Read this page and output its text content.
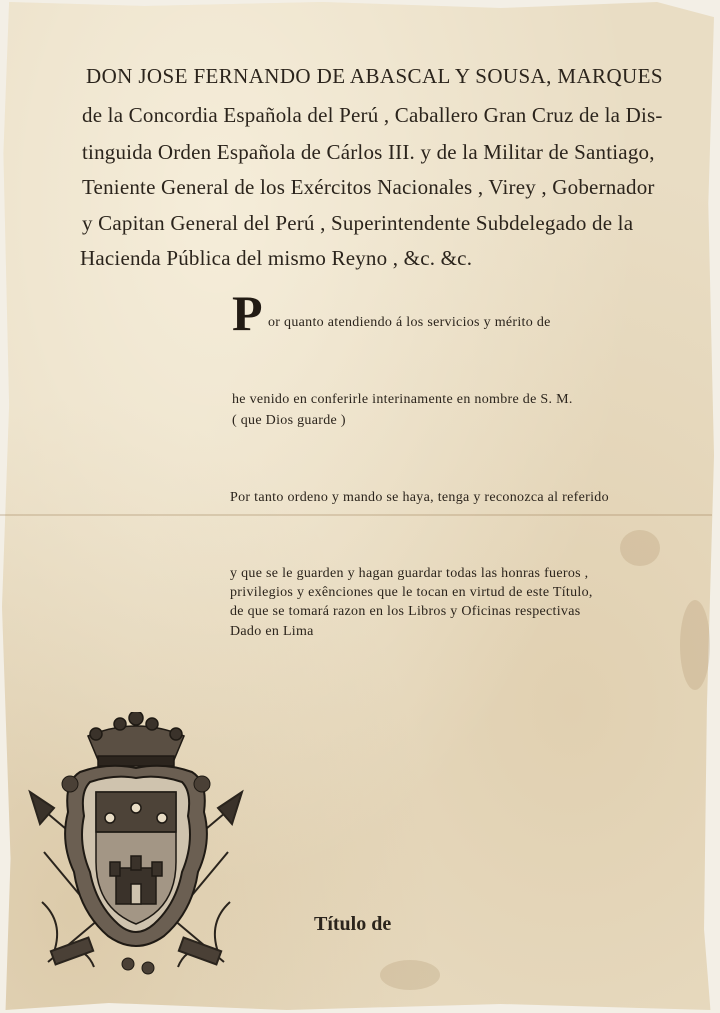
DON JOSE FERNANDO DE ABASCAL Y SOUSA, MARQUES
de la Concordia Española del Perú , Caballero Gran Cruz de la Dis-
tinguida Orden Española de Cárlos III. y de la Militar de Santiago,
Teniente General de los Exércitos Nacionales , Virey , Gobernador
y Capitan General del Perú , Superintendente Subdelegado de la
Hacienda Pública del mismo Reyno , &c. &c.
P or quanto atendiendo á los servicios y mérito de
he venido en conferirle interinamente en nombre de S. M.
( que Dios guarde )
Por tanto ordeno y mando se haya, tenga y reconozca al referido
y que se le guarden y hagan guardar todas las honras fueros ,
privilegios y exênciones que le tocan en virtud de este Título,
de que se tomará razon en los Libros y Oficinas respectivas
Dado en Lima
Título de
